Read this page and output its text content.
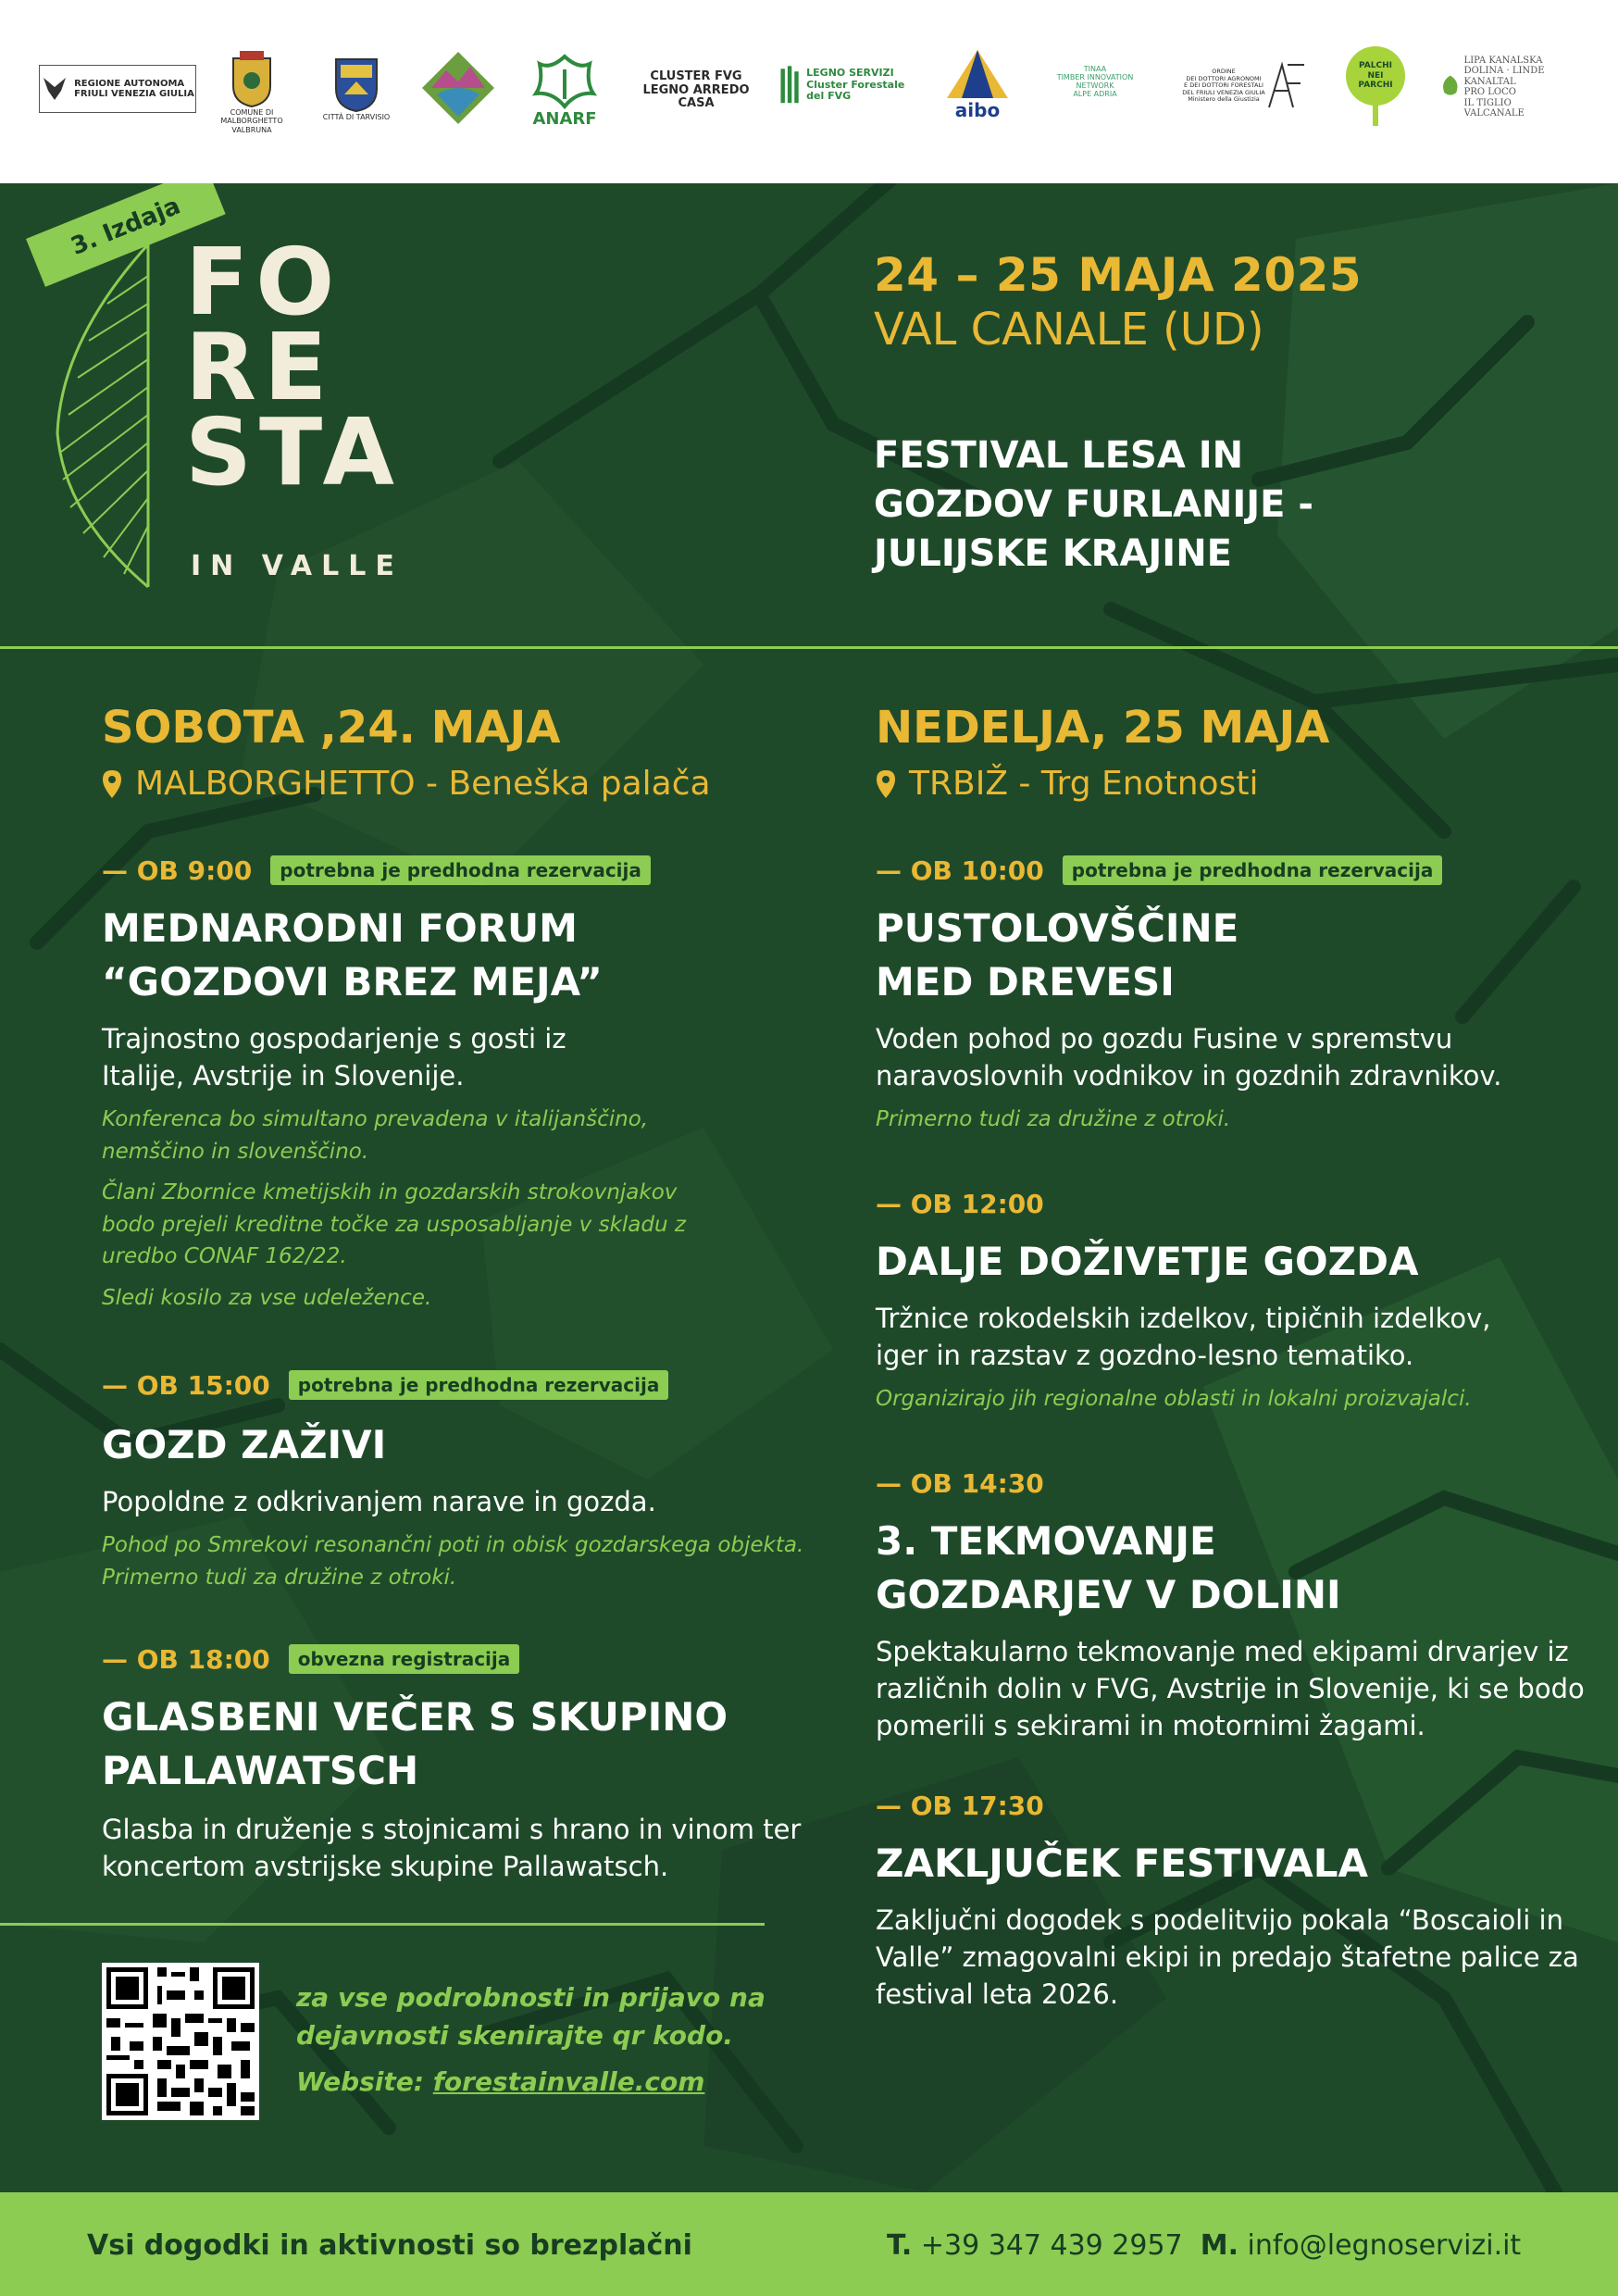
REGIONE AUTONOMA
FRIULI VENEZIA GIULIA
COMUNE DI
MALBORGHETTO
VALBRUNA
CITTÀ DI TARVISIO	ANARF
CLUSTER FVG
LEGNO ARREDO CASA
LEGNO SERVIZI
Cluster Forestale del FVG
aibo
TINAA
TIMBER INNOVATION NETWORK
ALPE ADRIA
ORDINE
DEI DOTTORI AGRONOMI
E DEI DOTTORI FORESTALI
DEL FRIULI VENEZIA GIULIA
Ministero della Giustizia
PALCHI
NEI
PARCHI
LIPA KANALSKA DOLINA · LINDE KANALTAL
PRO LOCO
IL TIGLIO
VALCANALE
3. Izdaja
FO
RE
STA
IN VALLE
24 – 25 MAJA 2025
VAL CANALE (UD)
FESTIVAL LESA IN GOZDOV FURLANIJE - JULIJSKE KRAJINE
SOBOTA ,24. MAJA
MALBORGHETTO - Beneška palača
— OB 9:00 potrebna je predhodna rezervacija
MEDNARODNI FORUM
“GOZDOVI BREZ MEJA”
Trajnostno gospodarjenje s gosti iz
Italije, Avstrije in Slovenije.
Konferenca bo simultano prevadena v italijanščino,
nemščino in slovenščino.
Člani Zbornice kmetijskih in gozdarskih strokovnjakov
bodo prejeli kreditne točke za usposabljanje v skladu z
uredbo CONAF 162/22.
Sledi kosilo za vse udeležence.
— OB 15:00 potrebna je predhodna rezervacija
GOZD ZAŽIVI
Popoldne z odkrivanjem narave in gozda.
Pohod po Smrekovi resonančni poti in obisk gozdarskega objekta.
Primerno tudi za družine z otroki.
— OB 18:00 obvezna registracija
GLASBENI VEČER S SKUPINO
PALLAWATSCH
Glasba in druženje s stojnicami s hrano in vinom ter
koncertom avstrijske skupine Pallawatsch.
za vse podrobnosti in prijavo na
dejavnosti skenirajte qr kodo.
Website: forestainvalle.com
NEDELJA, 25 MAJA
TRBIŽ - Trg Enotnosti
— OB 10:00 potrebna je predhodna rezervacija
PUSTOLOVŠČINE
MED DREVESI
Voden pohod po gozdu Fusine v spremstvu
naravoslovnih vodnikov in gozdnih zdravnikov.
Primerno tudi za družine z otroki.
— OB 12:00
DALJE DOŽIVETJE GOZDA
Tržnice rokodelskih izdelkov, tipičnih izdelkov,
iger in razstav z gozdno-lesno tematiko.
Organizirajo jih regionalne oblasti in lokalni proizvajalci.
— OB 14:30
3. TEKMOVANJE
GOZDARJEV V DOLINI
Spektakularno tekmovanje med ekipami drvarjev iz
različnih dolin v FVG, Avstrije in Slovenije, ki se bodo
pomerili s sekirami in motornimi žagami.
— OB 17:30
ZAKLJUČEK FESTIVALA
Zaključni dogodek s podelitvijo pokala “Boscaioli in
Valle” zmagovalni ekipi in predajo štafetne palice za
festival leta 2026.
Vsi dogodki in aktivnosti so brezplačni	T. +39 347 439 2957 M. info@legnoservizi.it
